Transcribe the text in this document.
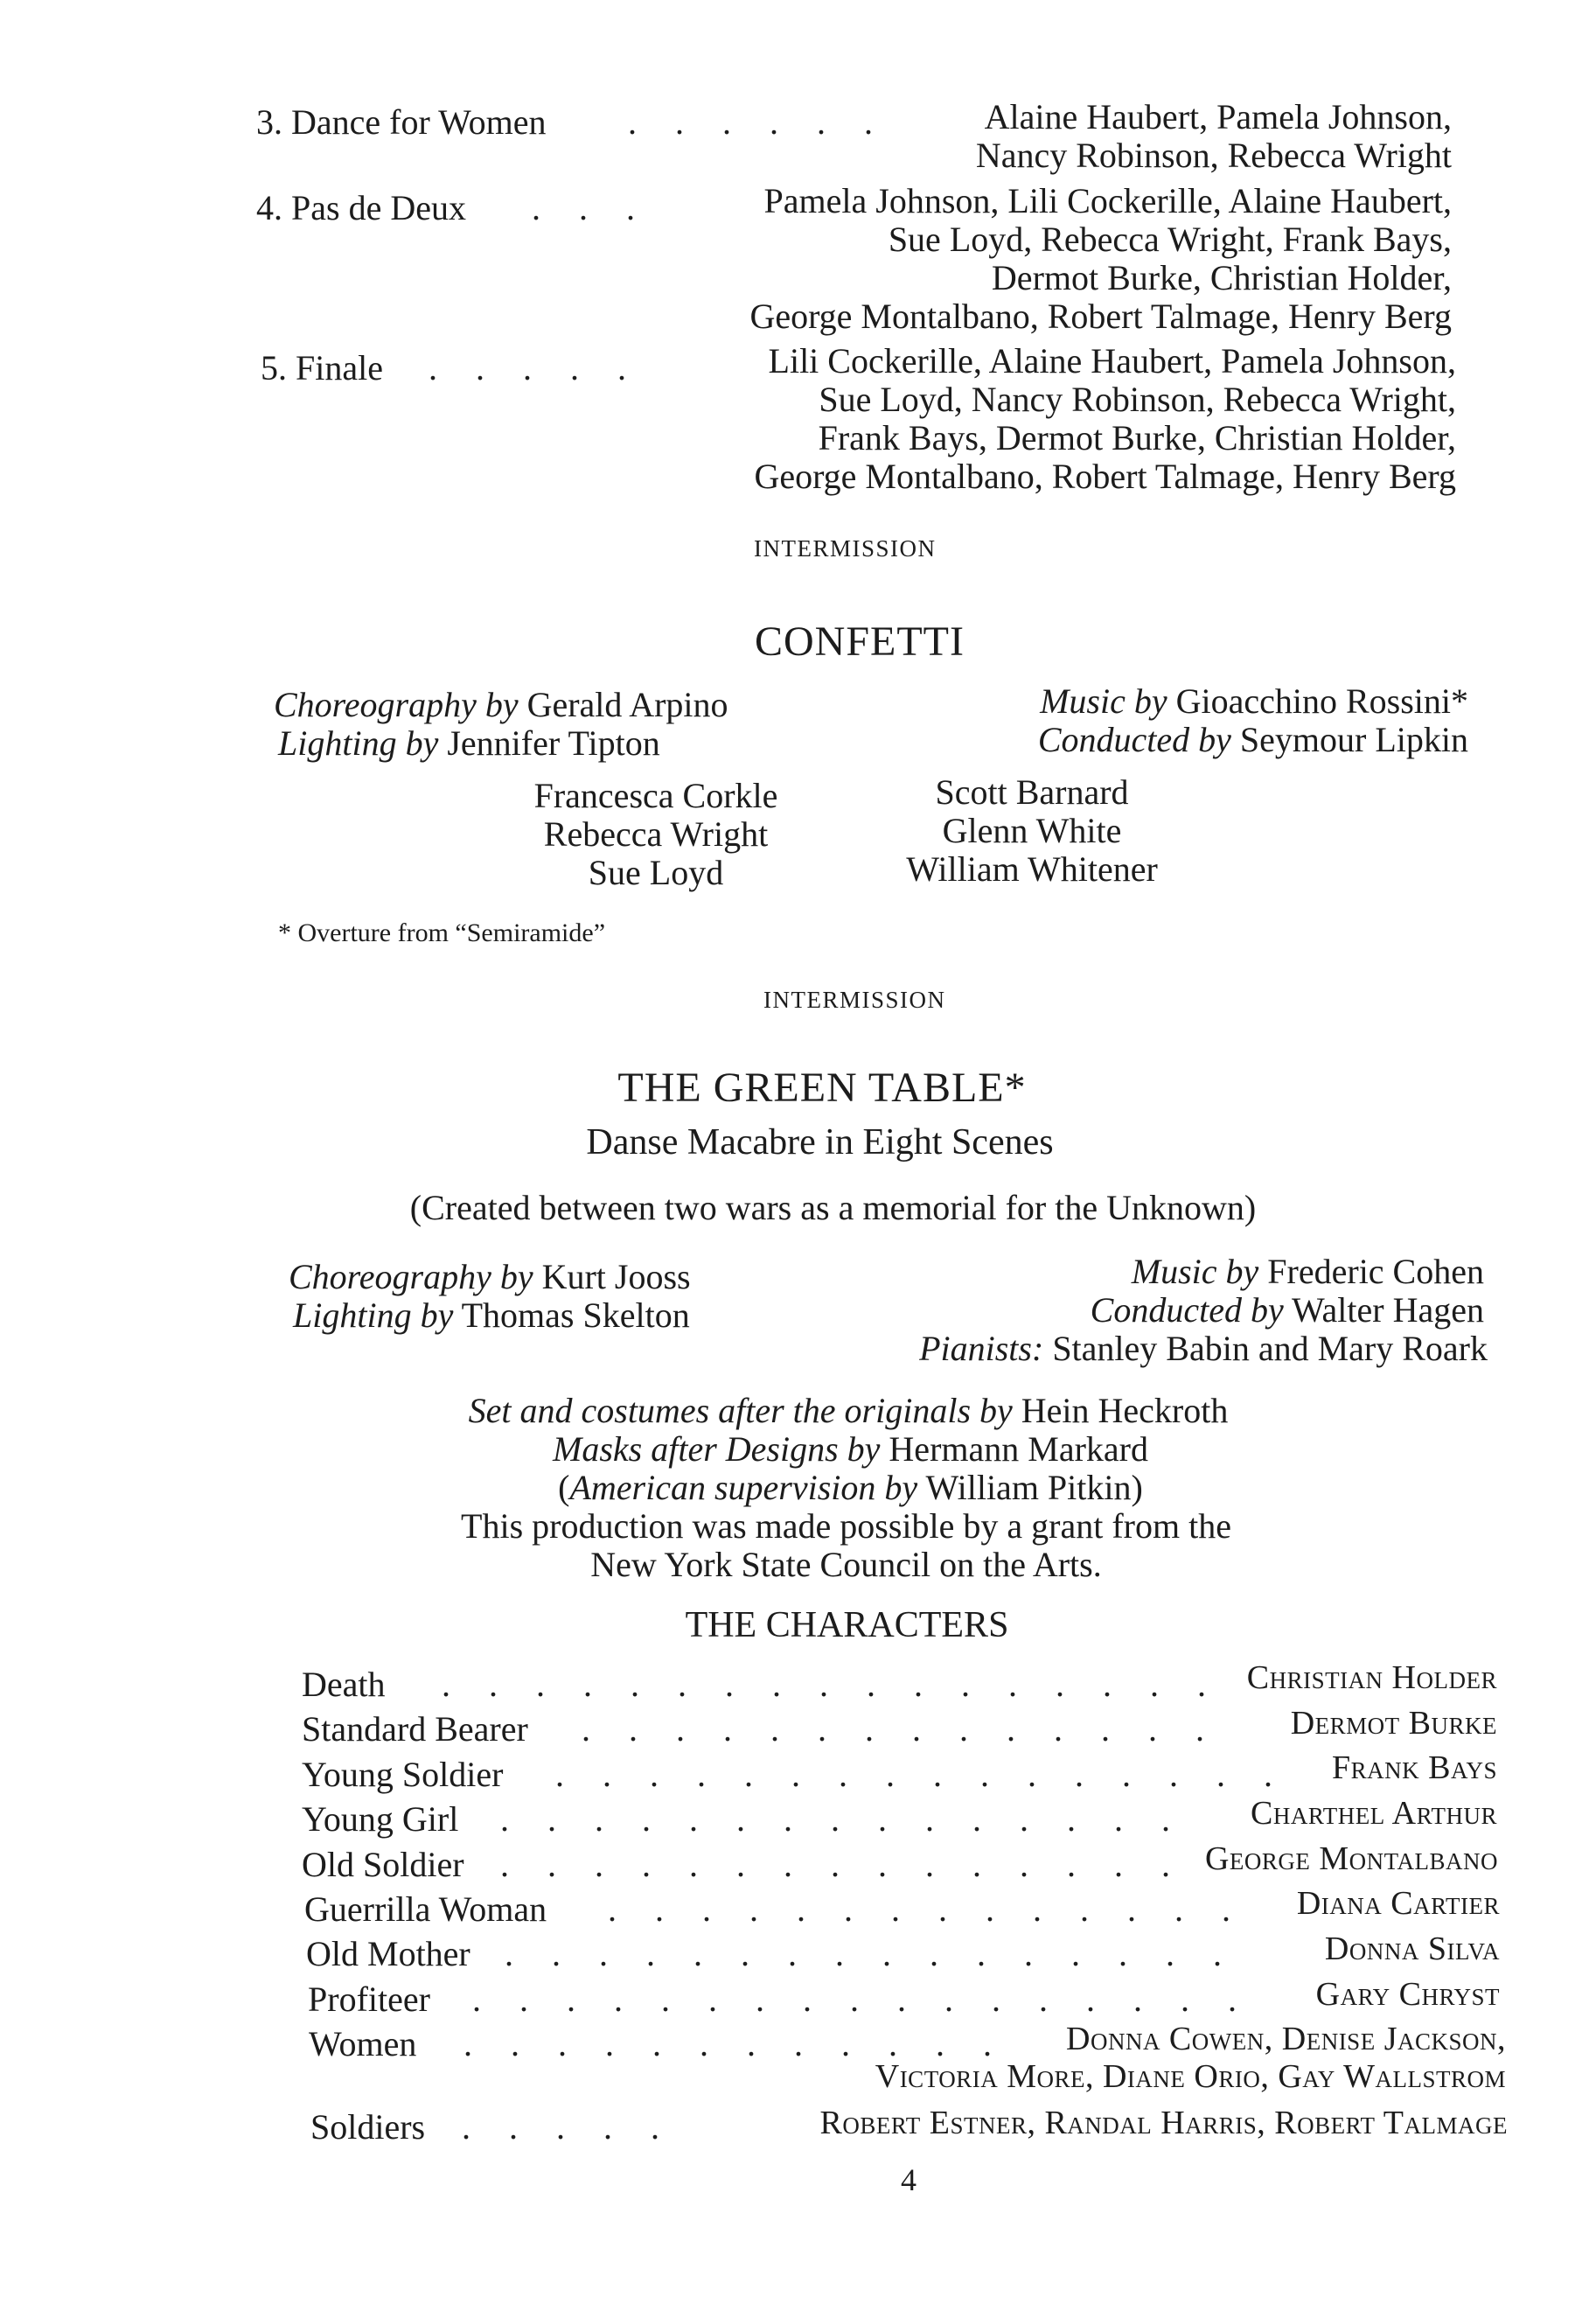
3. Dance for Women . . . . . .	Alaine Haubert, Pamela Johnson,
Nancy Robinson, Rebecca Wright
4. Pas de Deux . . .	Pamela Johnson, Lili Cockerille, Alaine Haubert,
Sue Loyd, Rebecca Wright, Frank Bays,
Dermot Burke, Christian Holder,
George Montalbano, Robert Talmage, Henry Berg
5. Finale . . . . .	Lili Cockerille, Alaine Haubert, Pamela Johnson,
Sue Loyd, Nancy Robinson, Rebecca Wright,
Frank Bays, Dermot Burke, Christian Holder,
George Montalbano, Robert Talmage, Henry Berg
INTERMISSION
CONFETTI
Choreography by Gerald Arpino
Lighting by Jennifer Tipton
Music by Gioacchino Rossini*
Conducted by Seymour Lipkin
Francesca Corkle
Rebecca Wright
Sue Loyd
Scott Barnard
Glenn White
William Whitener
* Overture from “Semiramide”
INTERMISSION
THE GREEN TABLE*
Danse Macabre in Eight Scenes
(Created between two wars as a memorial for the Unknown)
Choreography by Kurt Jooss
Lighting by Thomas Skelton
Music by Frederic Cohen
Conducted by Walter Hagen
Pianists: Stanley Babin and Mary Roark
Set and costumes after the originals by Hein Heckroth
Masks after Designs by Hermann Markard
(American supervision by William Pitkin)
This production was made possible by a grant from the
New York State Council on the Arts.
THE CHARACTERS
Death . . . . . . . . . . . . . . . . . Christian Holder
Standard Bearer . . . . . . . . . . . . . . Dermot Burke
Young Soldier . . . . . . . . . . . . . . . . Frank Bays
Young Girl . . . . . . . . . . . . . . . Charthel Arthur
Old Soldier . . . . . . . . . . . . . . . George Montalbano
Guerrilla Woman . . . . . . . . . . . . . . Diana Cartier
Old Mother . . . . . . . . . . . . . . . .	Donna Silva
Profiteer . . . . . . . . . . . . . . . . . Gary Chryst
Women . . . . . . . . . . . . Donna Cowen, Denise Jackson,
Victoria More, Diane Orio, Gay Wallstrom
Soldiers . . . . .	Robert Estner, Randal Harris, Robert Talmage
4
